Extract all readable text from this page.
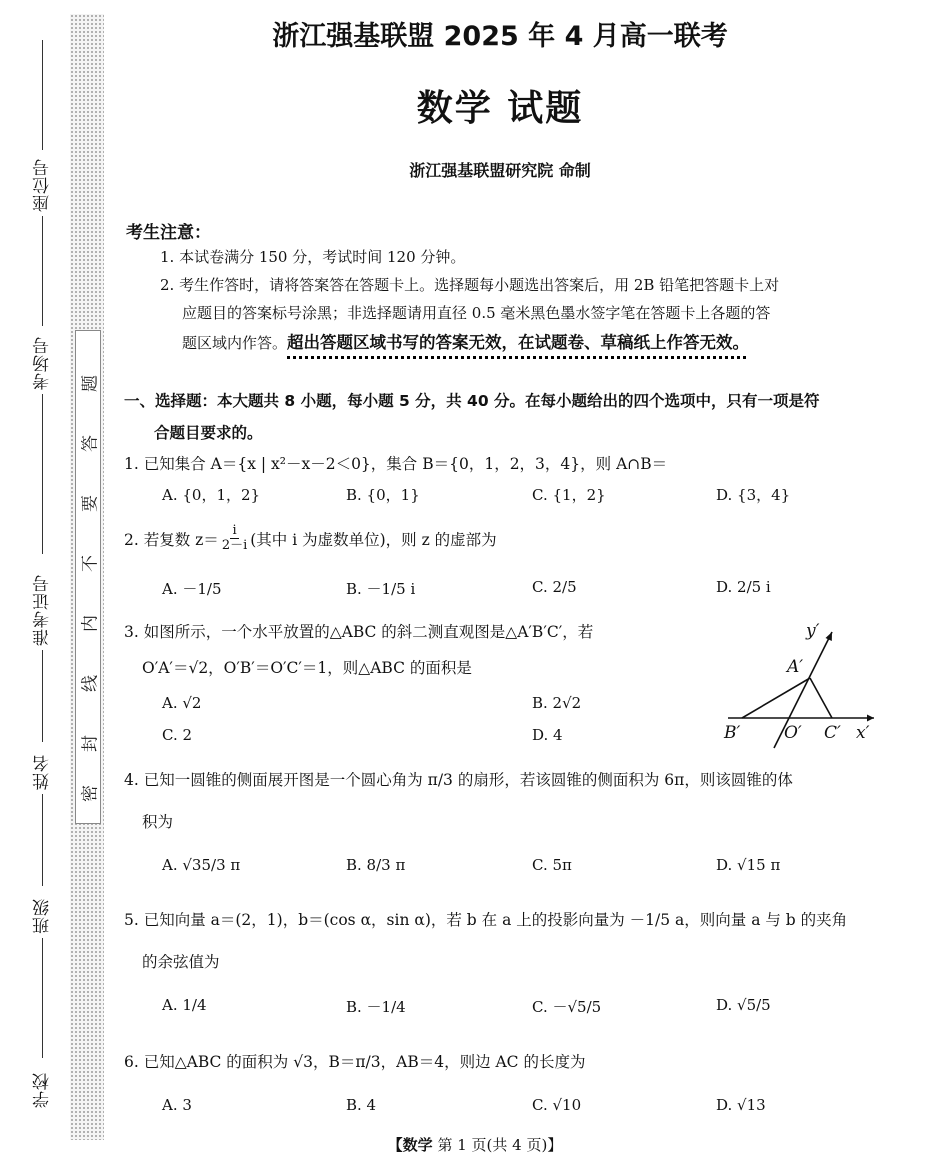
座位号
考场号
准考证号
姓名
班级
学校
题
答
要
不
内
线
封
密
浙江强基联盟 2025 年 4 月高一联考
数学 试题
浙江强基联盟研究院 命制
考生注意：
1. 本试卷满分 150 分，考试时间 120 分钟。
2. 考生作答时，请将答案答在答题卡上。选择题每小题选出答案后，用 2B 铅笔把答题卡上对
应题目的答案标号涂黑；非选择题请用直径 0.5 毫米黑色墨水签字笔在答题卡上各题的答
题区域内作答。超出答题区域书写的答案无效，在试题卷、草稿纸上作答无效。
一、选择题：本大题共 8 小题，每小题 5 分，共 40 分。在每小题给出的四个选项中，只有一项是符
合题目要求的。
1. 已知集合 A＝{x | x²－x－2＜0}，集合 B＝{0，1，2，3，4}，则 A∩B＝
A. {0，1，2}	B. {0，1}	C. {1，2}	D. {3，4}
2. 若复数 $z= \frac{i}{2-i}$ (其中 i 为虚数单位)，则 z 的虚部为
A. －1/5	B. －1/5 i	C. 2/5	D. 2/5 i
3. 如图所示，一个水平放置的△ABC 的斜二测直观图是△A′B′C′，若
O′A′＝√2，O′B′＝O′C′＝1，则△ABC 的面积是
A. √2	B. 2√2
C. 2	D. 4
4. 已知一圆锥的侧面展开图是一个圆心角为 π/3 的扇形，若该圆锥的侧面积为 6π，则该圆锥的体
积为
A. √35/3 π	B. 8/3 π	C. 5π	D. √15 π
5. 已知向量 a＝(2，1)，b＝(cos α，sin α)，若 b 在 a 上的投影向量为 －1/5 a，则向量 a 与 b 的夹角
的余弦值为
A. 1/4	B. －1/4	C. －√5/5	D. √5/5
6. 已知△ABC 的面积为 √3，B＝π/3，AB＝4，则边 AC 的长度为
A. 3	B. 4	C. √10	D. √13
y′
A′
B′	O′ C′ x′
【数学 第 1 页(共 4 页)】
